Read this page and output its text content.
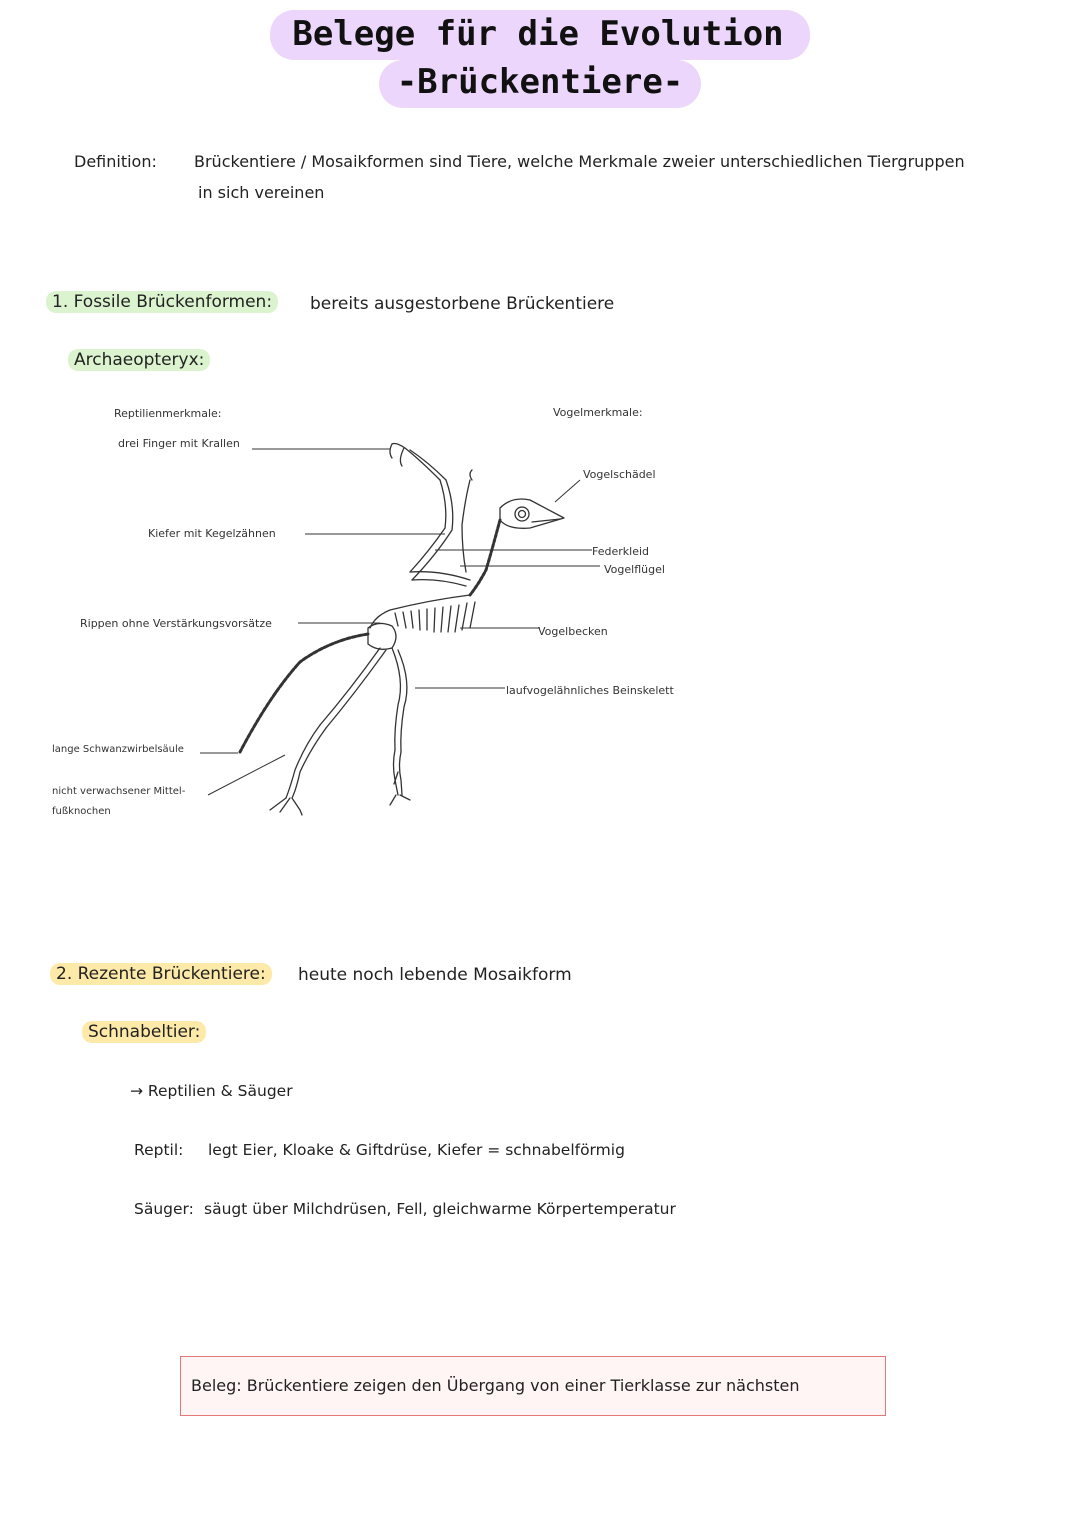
Belege für die Evolution
-Brückentiere-
Definition: Brückentiere / Mosaikformen sind Tiere, welche Merkmale zweier unterschiedlichen Tiergruppen
in sich vereinen
1. Fossile Brückenformen:	bereits ausgestorbene Brückentiere
Archaeopteryx:
Reptilienmerkmale:	Vogelmerkmale:
drei Finger mit Krallen
Kiefer mit Kegelzähnen
Rippen ohne Verstärkungsvorsätze
lange Schwanzwirbelsäule
nicht verwachsener Mittel-
fußknochen
Vogelschädel
Federkleid
Vogelflügel
Vogelbecken
laufvogelähnliches Beinskelett
2. Rezente Brückentiere:	heute noch lebende Mosaikform
Schnabeltier:
→ Reptilien & Säuger
Reptil: legt Eier, Kloake & Giftdrüse, Kiefer = schnabelförmig
Säuger: säugt über Milchdrüsen, Fell, gleichwarme Körpertemperatur
Beleg: Brückentiere zeigen den Übergang von einer Tierklasse zur nächsten
